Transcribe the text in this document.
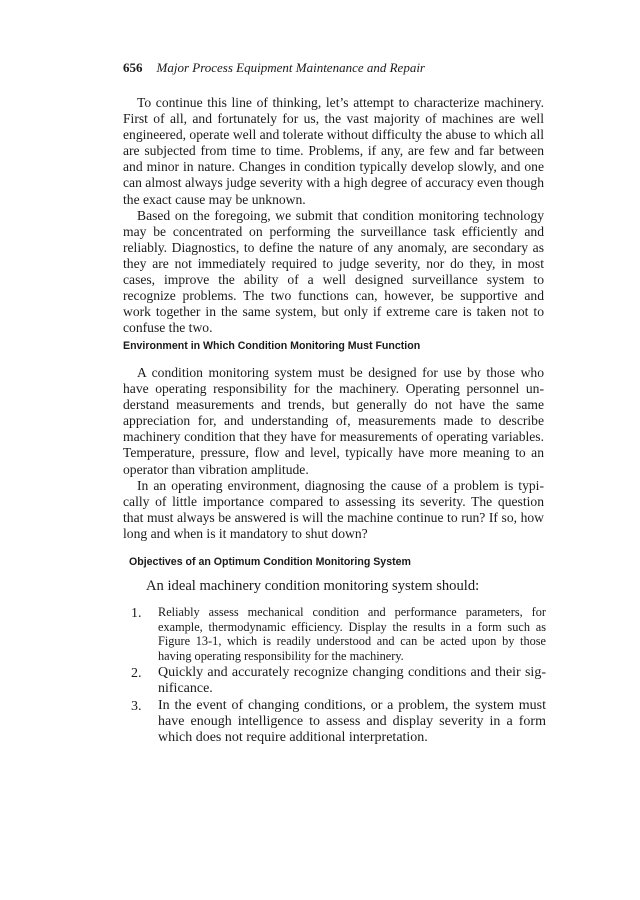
656 Major Process Equipment Maintenance and Repair

To continue this line of thinking, let’s attempt to characterize machinery. First of all, and fortunately for us, the vast majority of machines are well engineered, operate well and tolerate without difficulty the abuse to which all are subjected from time to time. Problems, if any, are few and far between and minor in nature. Changes in condition typically develop slowly, and one can almost always judge severity with a high degree of accuracy even though the exact cause may be unknown.

Based on the foregoing, we submit that condition monitoring technology may be concentrated on performing the surveillance task efficiently and reliably. Diagnostics, to define the nature of any anomaly, are secondary as they are not immediately required to judge severity, nor do they, in most cases, improve the ability of a well designed surveillance system to recognize problems. The two functions can, however, be supportive and work together in the same system, but only if extreme care is taken not to confuse the two.

Environment in Which Condition Monitoring Must Function

A condition monitoring system must be designed for use by those who have operating responsibility for the machinery. Operating personnel understand measurements and trends, but generally do not have the same appreciation for, and understanding of, measurements made to describe machinery condition that they have for measurements of operating variables. Temperature, pressure, flow and level, typically have more meaning to an operator than vibration amplitude.

In an operating environment, diagnosing the cause of a problem is typically of little importance compared to assessing its severity. The question that must always be answered is will the machine continue to run? If so, how long and when is it mandatory to shut down?

Objectives of an Optimum Condition Monitoring System

An ideal machinery condition monitoring system should:

1. Reliably assess mechanical condition and performance parameters, for example, thermodynamic efficiency. Display the results in a form such as Figure 13-1, which is readily understood and can be acted upon by those having operating responsibility for the machinery.

2. Quickly and accurately recognize changing conditions and their significance.

3. In the event of changing conditions, or a problem, the system must have enough intelligence to assess and display severity in a form which does not require additional interpretation.
